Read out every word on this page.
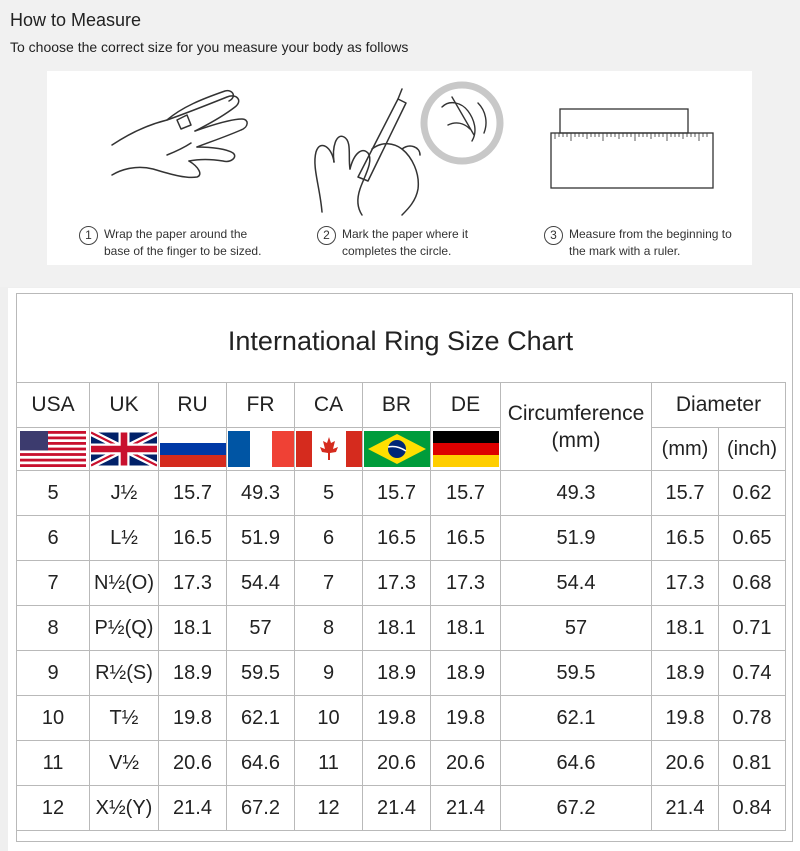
How to Measure
To choose the correct size for you measure your body as follows
1	Wrap the paper around the
base of the finger to be sized.
2	Mark the paper where it
completes the circle.
3	Measure from the beginning to
the mark with a ruler.
International Ring Size Chart
USA	UK	RU	FR	CA	BR	DE	Circumference
(mm)	Diameter	

	(mm)	(inch)
5	J½	15.7	49.3	5	15.7	15.7	49.3	15.7	0.62
6	L½	16.5	51.9	6	16.5	16.5	51.9	16.5	0.65
7	N½(O)	17.3	54.4	7	17.3	17.3	54.4	17.3	0.68
8	P½(Q)	18.1	57	8	18.1	18.1	57	18.1	0.71
9	R½(S)	18.9	59.5	9	18.9	18.9	59.5	18.9	0.74
10	T½	19.8	62.1	10	19.8	19.8	62.1	19.8	0.78
11	V½	20.6	64.6	11	20.6	20.6	64.6	20.6	0.81
12	X½(Y)	21.4	67.2	12	21.4	21.4	67.2	21.4	0.84
